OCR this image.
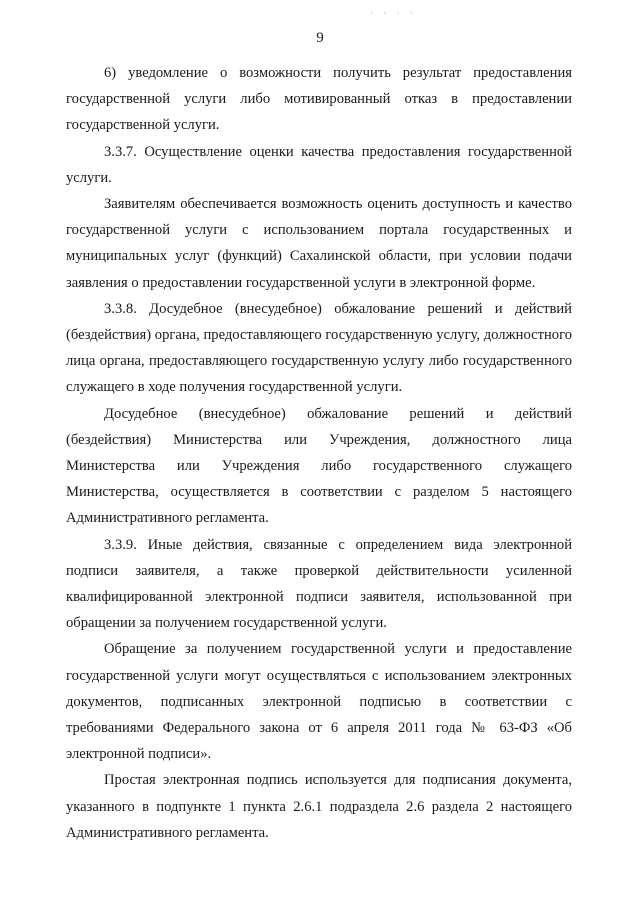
· · · ·
9

6) уведомление о возможности получить результат предоставления государственной услуги либо мотивированный отказ в предоставлении государственной услуги.

3.3.7. Осуществление оценки качества предоставления государственной услуги.

Заявителям обеспечивается возможность оценить доступность и качество государственной услуги с использованием портала государственных и муниципальных услуг (функций) Сахалинской области, при условии подачи заявления о предоставлении государственной услуги в электронной форме.

3.3.8. Досудебное (внесудебное) обжалование решений и действий (бездействия) органа, предоставляющего государственную услугу, должностного лица органа, предоставляющего государственную услугу либо государственного служащего в ходе получения государственной услуги.

Досудебное (внесудебное) обжалование решений и действий (бездействия) Министерства или Учреждения, должностного лица Министерства или Учреждения либо государственного служащего Министерства, осуществляется в соответствии с разделом 5 настоящего Административного регламента.

3.3.9. Иные действия, связанные с определением вида электронной подписи заявителя, а также проверкой действительности усиленной квалифицированной электронной подписи заявителя, использованной при обращении за получением государственной услуги.

Обращение за получением государственной услуги и предоставление государственной услуги могут осуществляться с использованием электронных документов, подписанных электронной подписью в соответствии с требованиями Федерального закона от 6 апреля 2011 года № 63-ФЗ «Об электронной подписи».

Простая электронная подпись используется для подписания документа, указанного в подпункте 1 пункта 2.6.1 подраздела 2.6 раздела 2 настоящего Административного регламента.
